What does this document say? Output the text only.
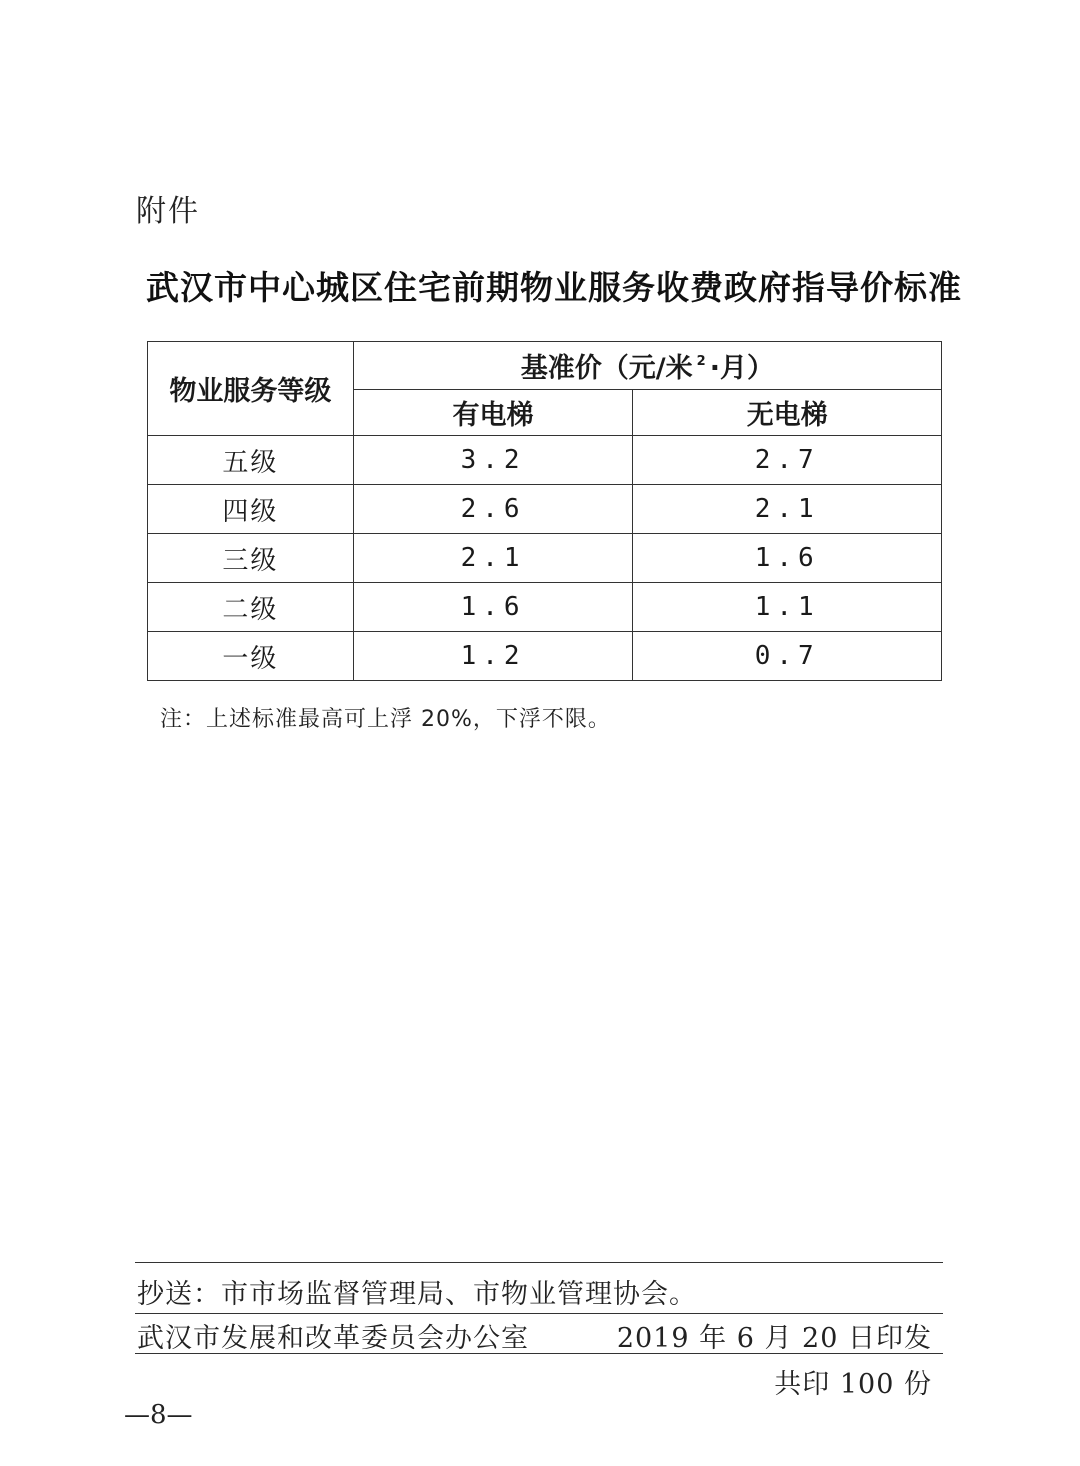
附件
武汉市中心城区住宅前期物业服务收费政府指导价标准
物业服务等级	基准价（元/米 $^2$ ·月）	
	有电梯	无电梯
五级	3.2	2.7
四级	2.6	2.1
三级	2.1	1.6
二级	1.6	1.1
一级	1.2	0.7
注：上述标准最高可上浮 20%，下浮不限。
抄送：市市场监督管理局、市物业管理协会。
武汉市发展和改革委员会办公室	2019 年 6 月 20 日印发
共印 100 份
—8—
